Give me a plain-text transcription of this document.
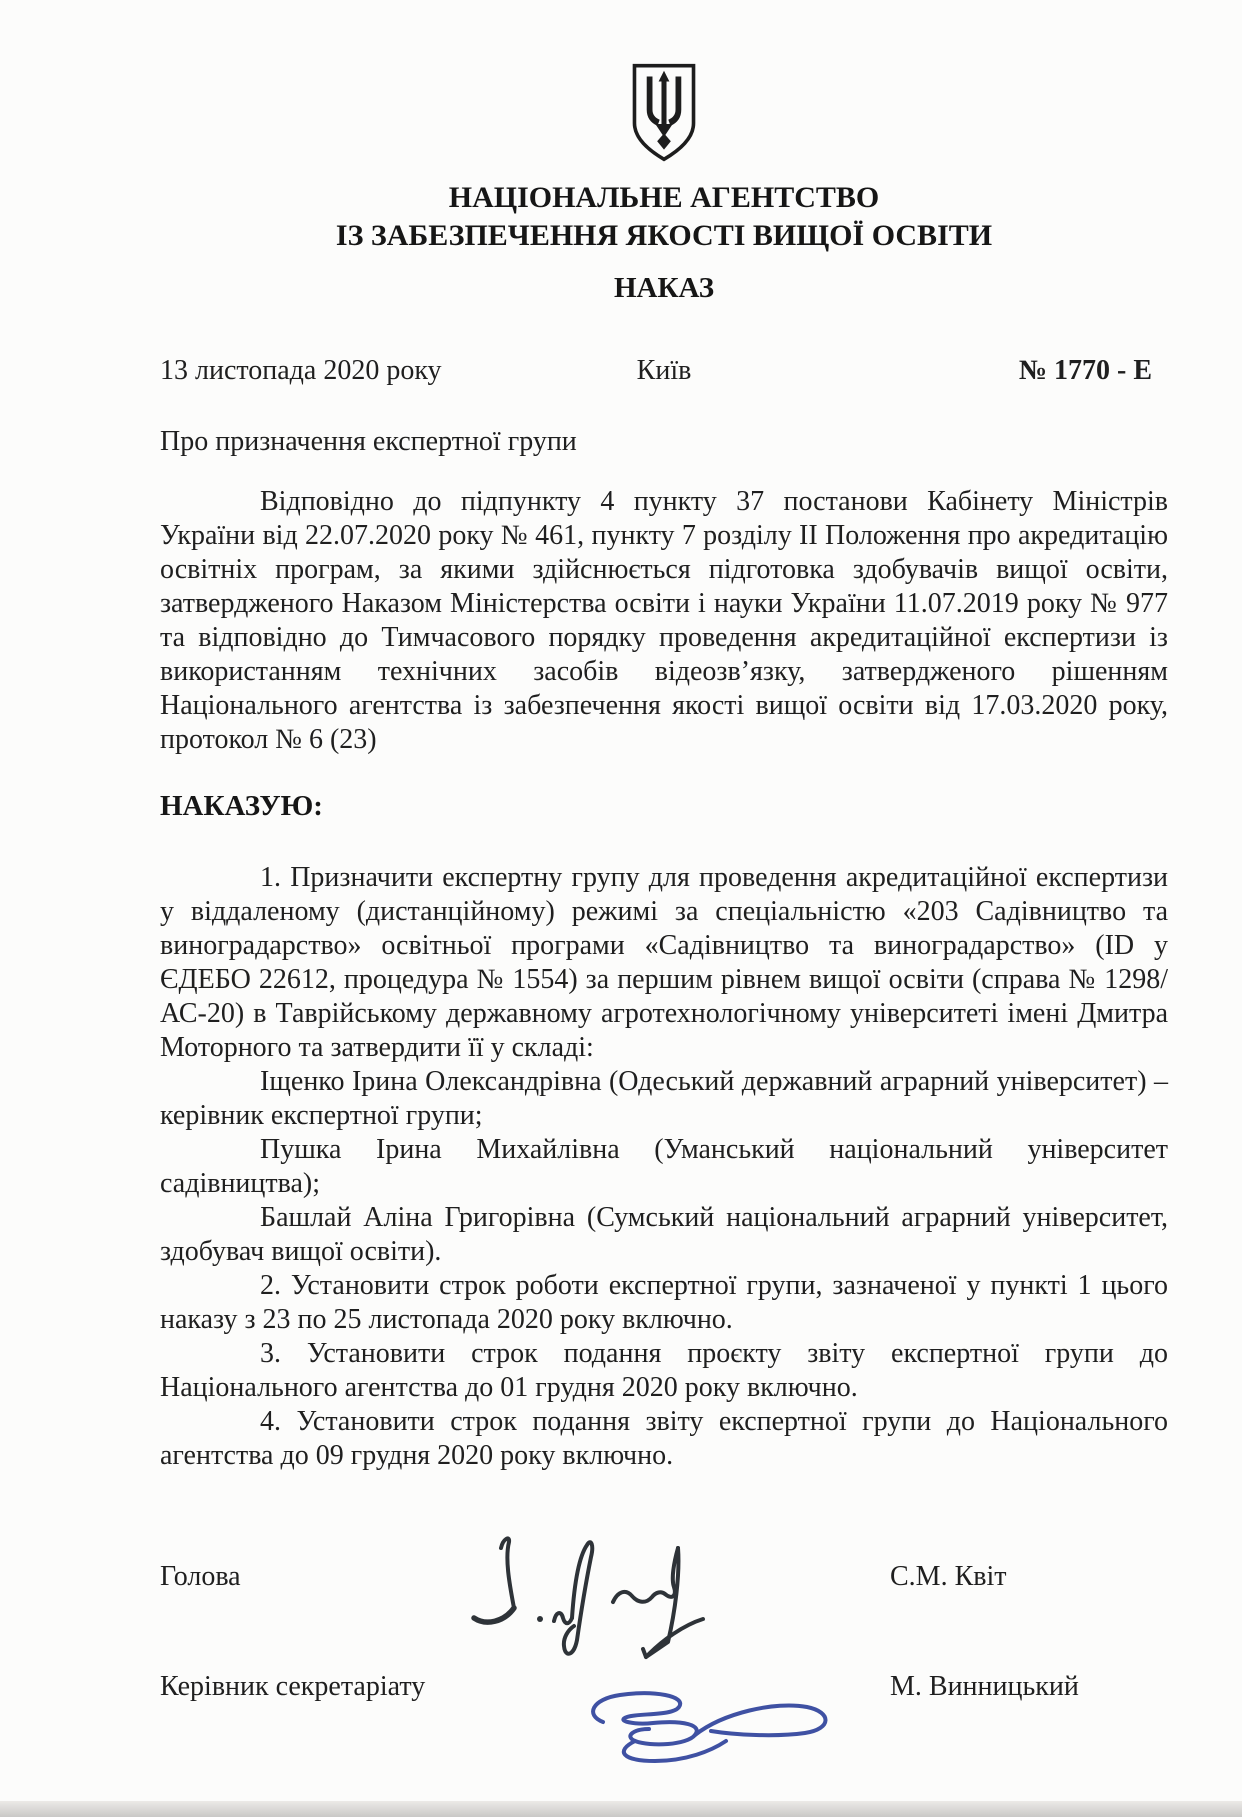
НАЦІОНАЛЬНЕ АГЕНТСТВО
ІЗ ЗАБЕЗПЕЧЕННЯ ЯКОСТІ ВИЩОЇ ОСВІТИ
НАКАЗ
13 листопада 2020 року	Київ	№ 1770 - Е
Про призначення експертної групи

Відповідно до підпункту 4 пункту 37 постанови Кабінету Міністрів України від 22.07.2020 року № 461, пункту 7 розділу ІІ Положення про акредитацію освітніх програм, за якими здійснюється підготовка здобувачів вищої освіти, затвердженого Наказом Міністерства освіти і науки України 11.07.2019 року № 977 та відповідно до Тимчасового порядку проведення акредитаційної експертизи із використанням технічних засобів відеозв’язку, затвердженого рішенням Національного агентства із забезпечення якості вищої освіти від 17.03.2020 року, протокол № 6 (23)

НАКАЗУЮ:

1. Призначити експертну групу для проведення акредитаційної експертизи у віддаленому (дистанційному) режимі за спеціальністю «203 Садівництво та виноградарство» освітньої програми «Садівництво та виноградарство» (ID у ЄДЕБО 22612, процедура № 1554) за першим рівнем вищої освіти (справа № 1298/АС-20) в Таврійському державному агротехнологічному університеті імені Дмитра Моторного та затвердити її у складі:

Іщенко Ірина Олександрівна (Одеський державний аграрний університет) – керівник експертної групи;

Пушка Ірина Михайлівна (Уманський національний університет садівництва);

Башлай Аліна Григорівна (Сумський національний аграрний університет, здобувач вищої освіти).

2. Установити строк роботи експертної групи, зазначеної у пункті 1 цього наказу з 23 по 25 листопада 2020 року включно.

3. Установити строк подання проєкту звіту експертної групи до Національного агентства до 01 грудня 2020 року включно.

4. Установити строк подання звіту експертної групи до Національного агентства до 09 грудня 2020 року включно.

Голова	С.М. Квіт
Керівник секретаріату	М. Винницький
